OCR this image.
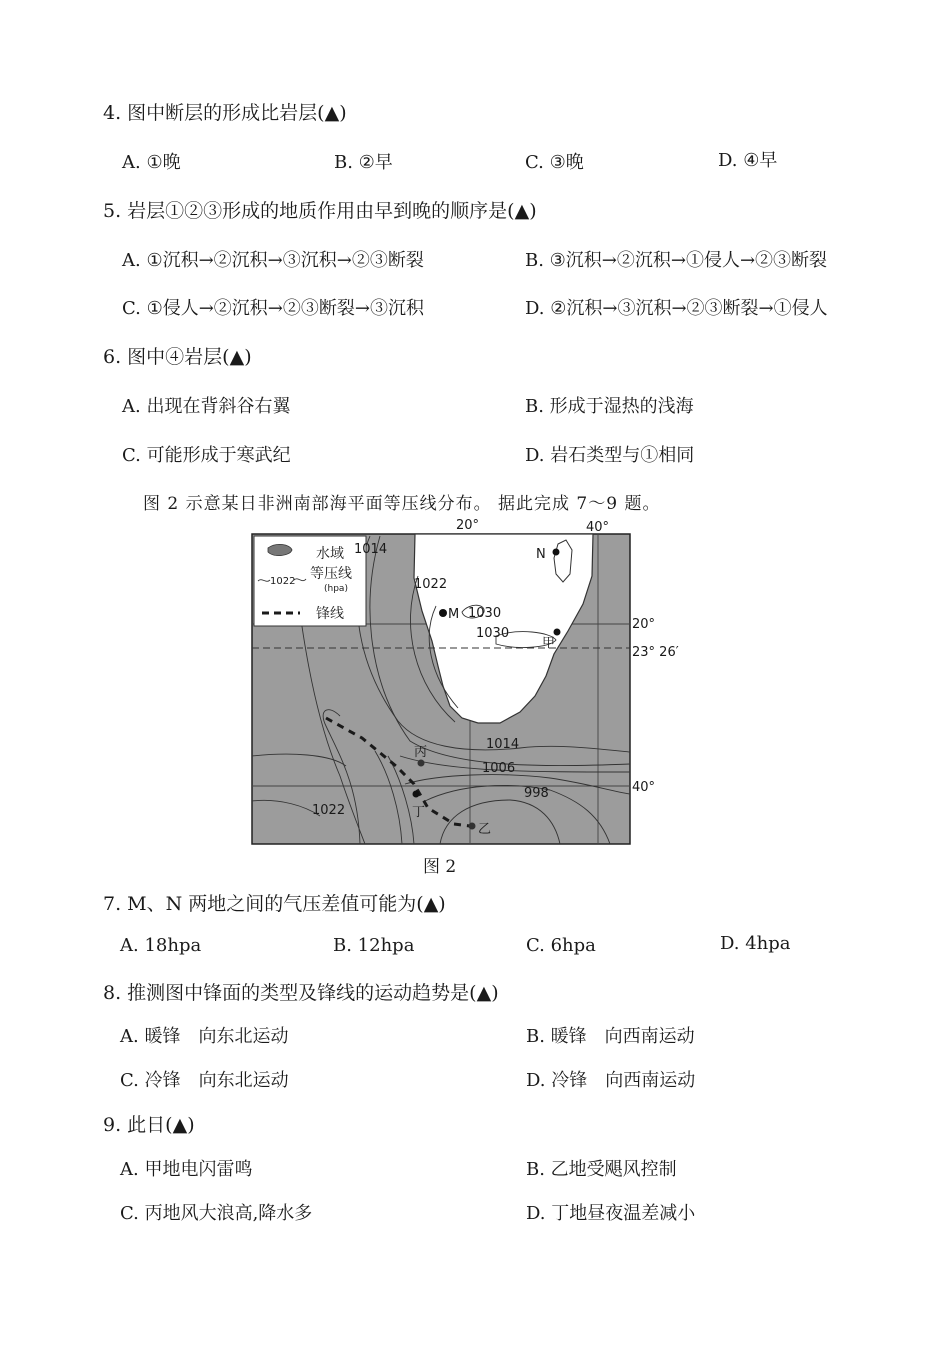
4. 图中断层的形成比岩层(▲)
A. ①晚	B. ②早	C. ③晚	D. ④早
5. 岩层①②③形成的地质作用由早到晚的顺序是(▲)
A. ①沉积→②沉积→③沉积→②③断裂	B. ③沉积→②沉积→①侵人→②③断裂
C. ①侵人→②沉积→②③断裂→③沉积	D. ②沉积→③沉积→②③断裂→①侵人
6. 图中④岩层(▲)
A. 出现在背斜谷右翼	B. 形成于湿热的浅海
C. 可能形成于寒武纪	D. 岩石类型与①相同
图 2 示意某日非洲南部海平面等压线分布。 据此完成 7～9 题。
水域
1022 等压线
(hpa)
锋线
20°	40°
20°
23° 26′
40°
1014
1022
1030
1030
1014
1006
998
1022
M
N
甲
丙
丁
乙
图 2
7. M、N 两地之间的气压差值可能为(▲)
A. 18hpa	B. 12hpa	C. 6hpa	D. 4hpa
8. 推测图中锋面的类型及锋线的运动趋势是(▲)
A. 暖锋　向东北运动	B. 暖锋　向西南运动
C. 冷锋　向东北运动	D. 冷锋　向西南运动
9. 此日(▲)
A. 甲地电闪雷鸣	B. 乙地受飓风控制
C. 丙地风大浪高,降水多	D. 丁地昼夜温差减小
